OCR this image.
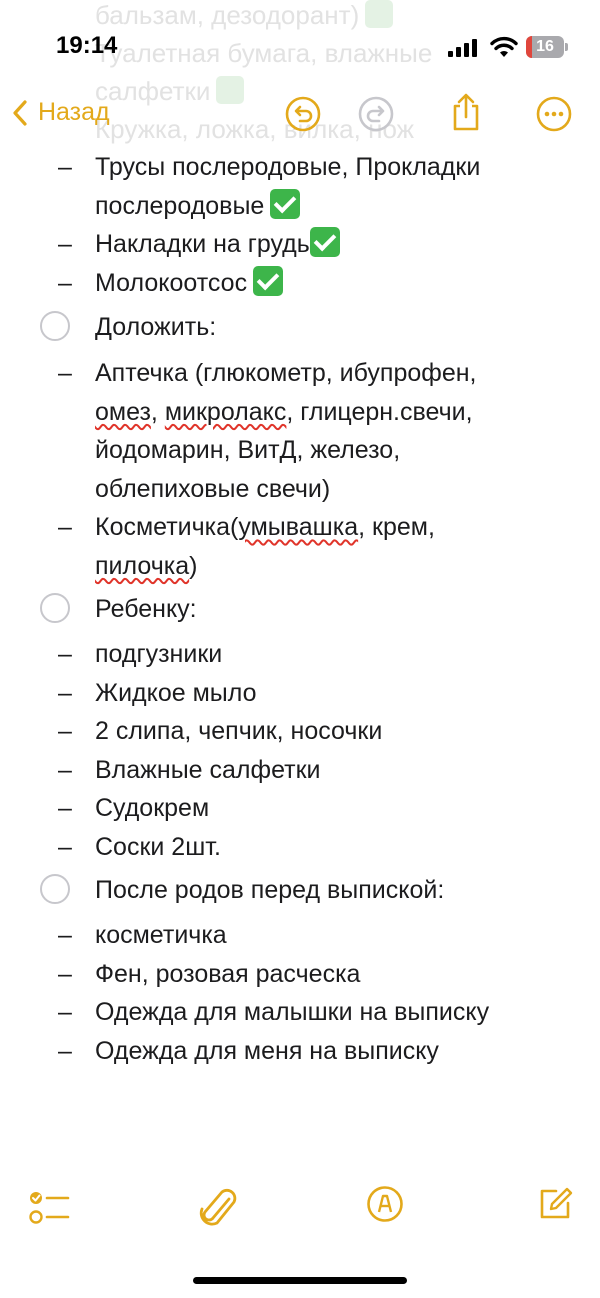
бальзам, дезодорант)
Туалетная бумага, влажные
салфетки
Кружка, ложка, вилка, нож
19:14	16
Назад
– Трусы послеродовые, Прокладки
послеродовые
– Накладки на грудь
– Молокоотсос
Доложить:
– Аптечка (глюкометр, ибупрофен,
омез, микролакс, глицерн.свечи,
йодомарин, ВитД, железо,
облепиховые свечи)
– Косметичка(умывашка, крем,
пилочка)
Ребенку:
– подгузники
– Жидкое мыло
– 2 слипа, чепчик, носочки
– Влажные салфетки
– Судокрем
– Соски 2шт.
После родов перед выпиской:
– косметичка
– Фен, розовая расческа
– Одежда для малышки на выписку
– Одежда для меня на выписку
